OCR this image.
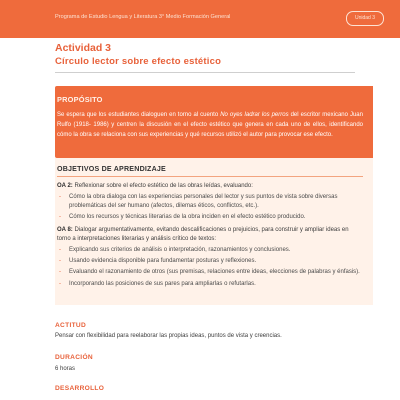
Programa de Estudio Lengua y Literatura 3° Medio Formación General	Unidad 3
Actividad 3
Círculo lector sobre efecto estético
PROPÓSITO

Se espera que los estudiantes dialoguen en torno al cuento No oyes ladrar los perros del escritor mexicano Juan Rulfo (1918- 1986) y centren la discusión en el efecto estético que genera en cada uno de ellos, identificando cómo la obra se relaciona con sus experiencias y qué recursos utilizó el autor para provocar ese efecto.

OBJETIVOS DE APRENDIZAJE

OA 2: Reflexionar sobre el efecto estético de las obras leídas, evaluando:

- Cómo la obra dialoga con las experiencias personales del lector y sus puntos de vista sobre diversas problemáticas del ser humano (afectos, dilemas éticos, conflictos, etc.).
- Cómo los recursos y técnicas literarias de la obra inciden en el efecto estético producido.

OA 8: Dialogar argumentativamente, evitando descalificaciones o prejuicios, para construir y ampliar ideas en torno a interpretaciones literarias y análisis crítico de textos:

- Explicando sus criterios de análisis o interpretación, razonamientos y conclusiones.
- Usando evidencia disponible para fundamentar posturas y reflexiones.
- Evaluando el razonamiento de otros (sus premisas, relaciones entre ideas, elecciones de palabras y énfasis).
- Incorporando las posiciones de sus pares para ampliarlas o refutarlas.
ACTITUD

Pensar con flexibilidad para reelaborar las propias ideas, puntos de vista y creencias.

DURACIÓN

6 horas

DESARROLLO
